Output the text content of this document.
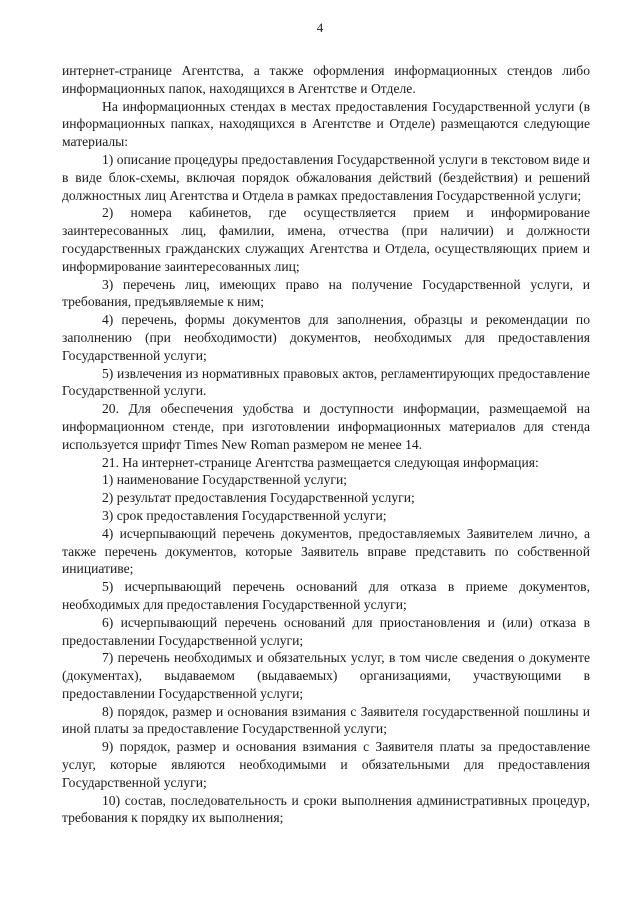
4

интернет-странице Агентства, а также оформления информационных стендов либо информационных папок, находящихся в Агентстве и Отделе.

На информационных стендах в местах предоставления Государственной услуги (в информационных папках, находящихся в Агентстве и Отделе) размещаются следующие материалы:

1) описание процедуры предоставления Государственной услуги в текстовом виде и в виде блок-схемы, включая порядок обжалования действий (бездействия) и решений должностных лиц Агентства и Отдела в рамках предоставления Государственной услуги;

2) номера кабинетов, где осуществляется прием и информирование заинтересованных лиц, фамилии, имена, отчества (при наличии) и должности государственных гражданских служащих Агентства и Отдела, осуществляющих прием и информирование заинтересованных лиц;

3) перечень лиц, имеющих право на получение Государственной услуги, и требования, предъявляемые к ним;

4) перечень, формы документов для заполнения, образцы и рекомендации по заполнению (при необходимости) документов, необходимых для предоставления Государственной услуги;

5) извлечения из нормативных правовых актов, регламентирующих предоставление Государственной услуги.

20. Для обеспечения удобства и доступности информации, размещаемой на информационном стенде, при изготовлении информационных материалов для стенда используется шрифт Times New Roman размером не менее 14.

21. На интернет-странице Агентства размещается следующая информация:

1) наименование Государственной услуги;

2) результат предоставления Государственной услуги;

3) срок предоставления Государственной услуги;

4) исчерпывающий перечень документов, предоставляемых Заявителем лично, а также перечень документов, которые Заявитель вправе представить по собственной инициативе;

5) исчерпывающий перечень оснований для отказа в приеме документов, необходимых для предоставления Государственной услуги;

6) исчерпывающий перечень оснований для приостановления и (или) отказа в предоставлении Государственной услуги;

7) перечень необходимых и обязательных услуг, в том числе сведения о документе (документах), выдаваемом (выдаваемых) организациями, участвующими в предоставлении Государственной услуги;

8) порядок, размер и основания взимания с Заявителя государственной пошлины и иной платы за предоставление Государственной услуги;

9) порядок, размер и основания взимания с Заявителя платы за предоставление услуг, которые являются необходимыми и обязательными для предоставления Государственной услуги;

10) состав, последовательность и сроки выполнения административных процедур, требования к порядку их выполнения;
